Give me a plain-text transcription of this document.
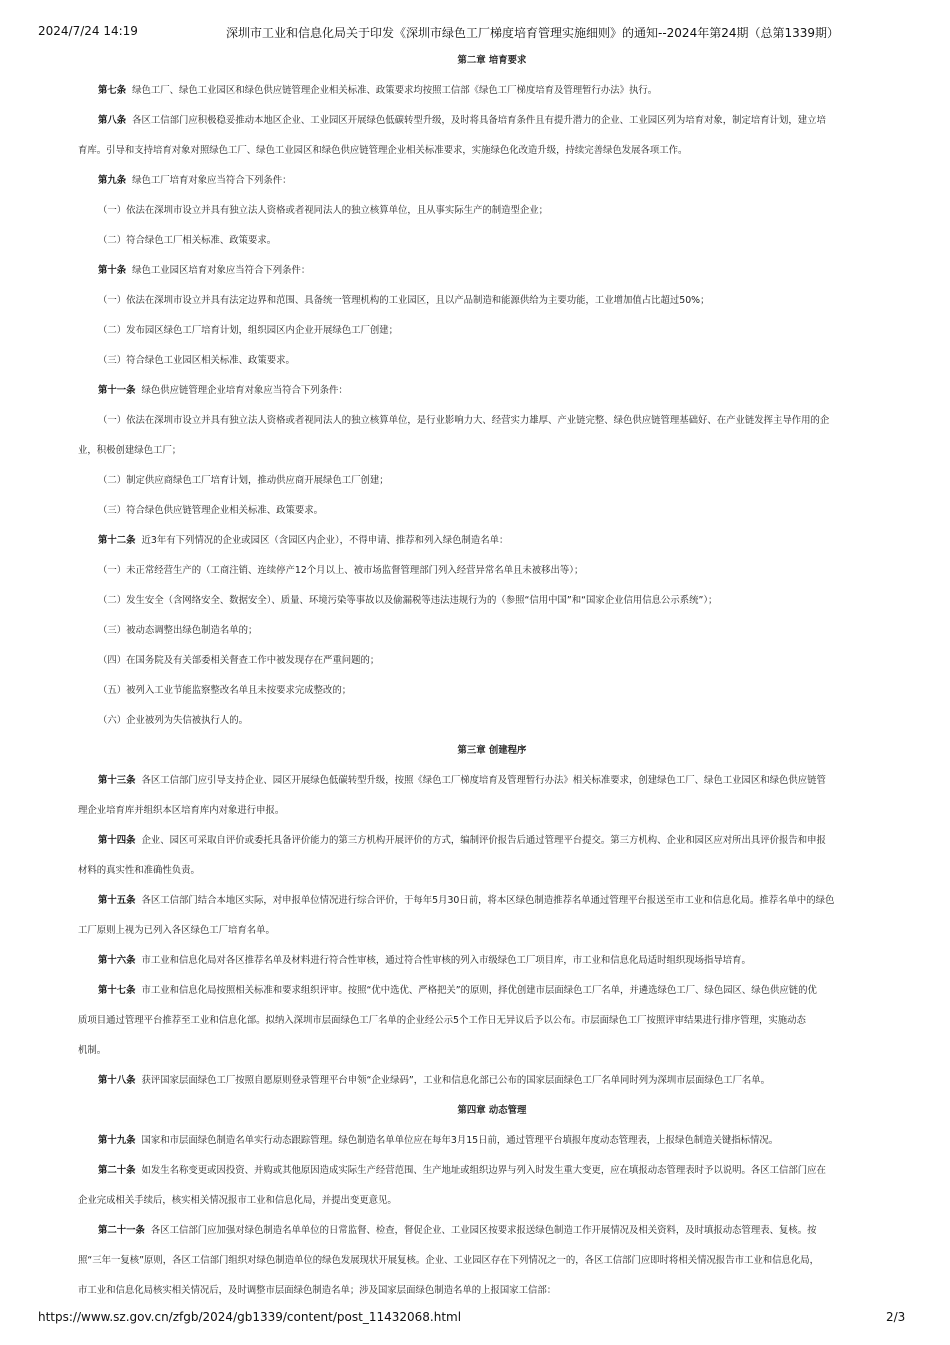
2024/7/24 14:19	深圳市工业和信息化局关于印发《深圳市绿色工厂梯度培育管理实施细则》的通知--2024年第24期（总第1339期）

第二章 培育要求

第七条 绿色工厂、绿色工业园区和绿色供应链管理企业相关标准、政策要求均按照工信部《绿色工厂梯度培育及管理暂行办法》执行。

第八条 各区工信部门应积极稳妥推动本地区企业、工业园区开展绿色低碳转型升级，及时将具备培育条件且有提升潜力的企业、工业园区列为培育对象，制定培育计划，建立培

育库。引导和支持培育对象对照绿色工厂、绿色工业园区和绿色供应链管理企业相关标准要求，实施绿色化改造升级，持续完善绿色发展各项工作。

第九条 绿色工厂培育对象应当符合下列条件：

（一）依法在深圳市设立并具有独立法人资格或者视同法人的独立核算单位，且从事实际生产的制造型企业；

（二）符合绿色工厂相关标准、政策要求。

第十条 绿色工业园区培育对象应当符合下列条件：

（一）依法在深圳市设立并具有法定边界和范围、具备统一管理机构的工业园区，且以产品制造和能源供给为主要功能，工业增加值占比超过50%；

（二）发布园区绿色工厂培育计划，组织园区内企业开展绿色工厂创建；

（三）符合绿色工业园区相关标准、政策要求。

第十一条 绿色供应链管理企业培育对象应当符合下列条件：

（一）依法在深圳市设立并具有独立法人资格或者视同法人的独立核算单位，是行业影响力大、经营实力雄厚、产业链完整、绿色供应链管理基础好、在产业链发挥主导作用的企

业，积极创建绿色工厂；

（二）制定供应商绿色工厂培育计划，推动供应商开展绿色工厂创建；

（三）符合绿色供应链管理企业相关标准、政策要求。

第十二条 近3年有下列情况的企业或园区（含园区内企业），不得申请、推荐和列入绿色制造名单：

（一）未正常经营生产的（工商注销、连续停产12个月以上、被市场监督管理部门列入经营异常名单且未被移出等）；

（二）发生安全（含网络安全、数据安全）、质量、环境污染等事故以及偷漏税等违法违规行为的（参照“信用中国”和“国家企业信用信息公示系统”）；

（三）被动态调整出绿色制造名单的；

（四）在国务院及有关部委相关督查工作中被发现存在严重问题的；

（五）被列入工业节能监察整改名单且未按要求完成整改的；

（六）企业被列为失信被执行人的。

第三章 创建程序

第十三条 各区工信部门应引导支持企业、园区开展绿色低碳转型升级，按照《绿色工厂梯度培育及管理暂行办法》相关标准要求，创建绿色工厂、绿色工业园区和绿色供应链管

理企业培育库并组织本区培育库内对象进行申报。

第十四条 企业、园区可采取自评价或委托具备评价能力的第三方机构开展评价的方式，编制评价报告后通过管理平台提交。第三方机构、企业和园区应对所出具评价报告和申报

材料的真实性和准确性负责。

第十五条 各区工信部门结合本地区实际，对申报单位情况进行综合评价，于每年5月30日前，将本区绿色制造推荐名单通过管理平台报送至市工业和信息化局。推荐名单中的绿色

工厂原则上视为已列入各区绿色工厂培育名单。

第十六条 市工业和信息化局对各区推荐名单及材料进行符合性审核，通过符合性审核的列入市级绿色工厂项目库，市工业和信息化局适时组织现场指导培育。

第十七条 市工业和信息化局按照相关标准和要求组织评审。按照“优中选优、严格把关”的原则，择优创建市层面绿色工厂名单，并遴选绿色工厂、绿色园区、绿色供应链的优

质项目通过管理平台推荐至工业和信息化部。拟纳入深圳市层面绿色工厂名单的企业经公示5个工作日无异议后予以公布。市层面绿色工厂按照评审结果进行排序管理，实施动态

机制。

第十八条 获评国家层面绿色工厂按照自愿原则登录管理平台申领“企业绿码”，工业和信息化部已公布的国家层面绿色工厂名单同时列为深圳市层面绿色工厂名单。

第四章 动态管理

第十九条 国家和市层面绿色制造名单实行动态跟踪管理。绿色制造名单单位应在每年3月15日前，通过管理平台填报年度动态管理表，上报绿色制造关键指标情况。

第二十条 如发生名称变更或因投资、并购或其他原因造成实际生产经营范围、生产地址或组织边界与列入时发生重大变更，应在填报动态管理表时予以说明。各区工信部门应在

企业完成相关手续后，核实相关情况报市工业和信息化局，并提出变更意见。

第二十一条 各区工信部门应加强对绿色制造名单单位的日常监督、检查，督促企业、工业园区按要求报送绿色制造工作开展情况及相关资料，及时填报动态管理表、复核。按

照“三年一复核”原则，各区工信部门组织对绿色制造单位的绿色发展现状开展复核。企业、工业园区存在下列情况之一的，各区工信部门应即时将相关情况报告市工业和信息化局，

市工业和信息化局核实相关情况后，及时调整市层面绿色制造名单；涉及国家层面绿色制造名单的上报国家工信部：

https://www.sz.gov.cn/zfgb/2024/gb1339/content/post_11432068.html	2/3
